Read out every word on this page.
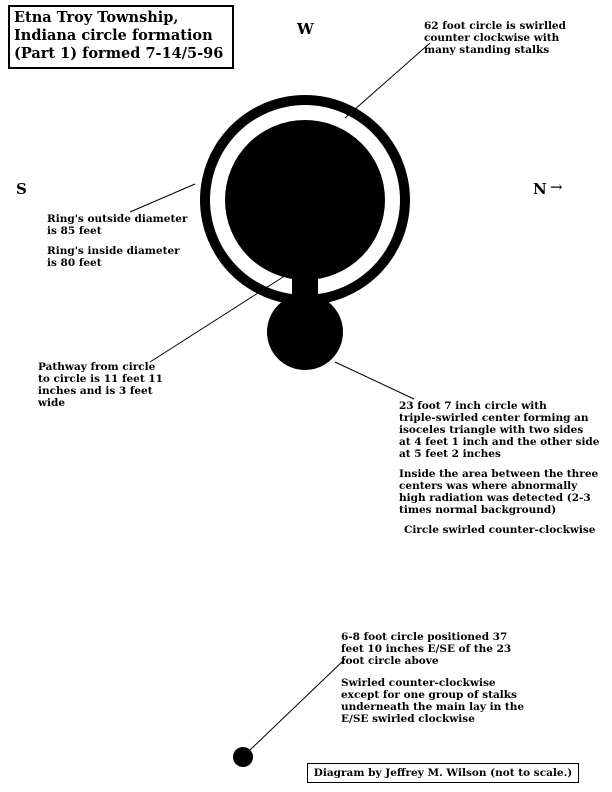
Etna Troy Township,
Indiana circle formation
(Part 1) formed 7-14/5-96
W
S	N →
62 foot circle is swirlled
counter clockwise with
many standing stalks
Ring's outside diameter
is 85 feet
Ring's inside diameter
is 80 feet
Pathway from circle
to circle is 11 feet 11
inches and is 3 feet
wide	23 foot 7 inch circle with
triple-swirled center forming an
isoceles triangle with two sides
at 4 feet 1 inch and the other side
at 5 feet 2 inches
Inside the area between the three
centers was where abnormally
high radiation was detected (2-3
times normal background)
Circle swirled counter-clockwise
6-8 foot circle positioned 37
feet 10 inches E/SE of the 23
foot circle above
Swirled counter-clockwise
except for one group of stalks
underneath the main lay in the
E/SE swirled clockwise
Diagram by Jeffrey M. Wilson (not to scale.)
